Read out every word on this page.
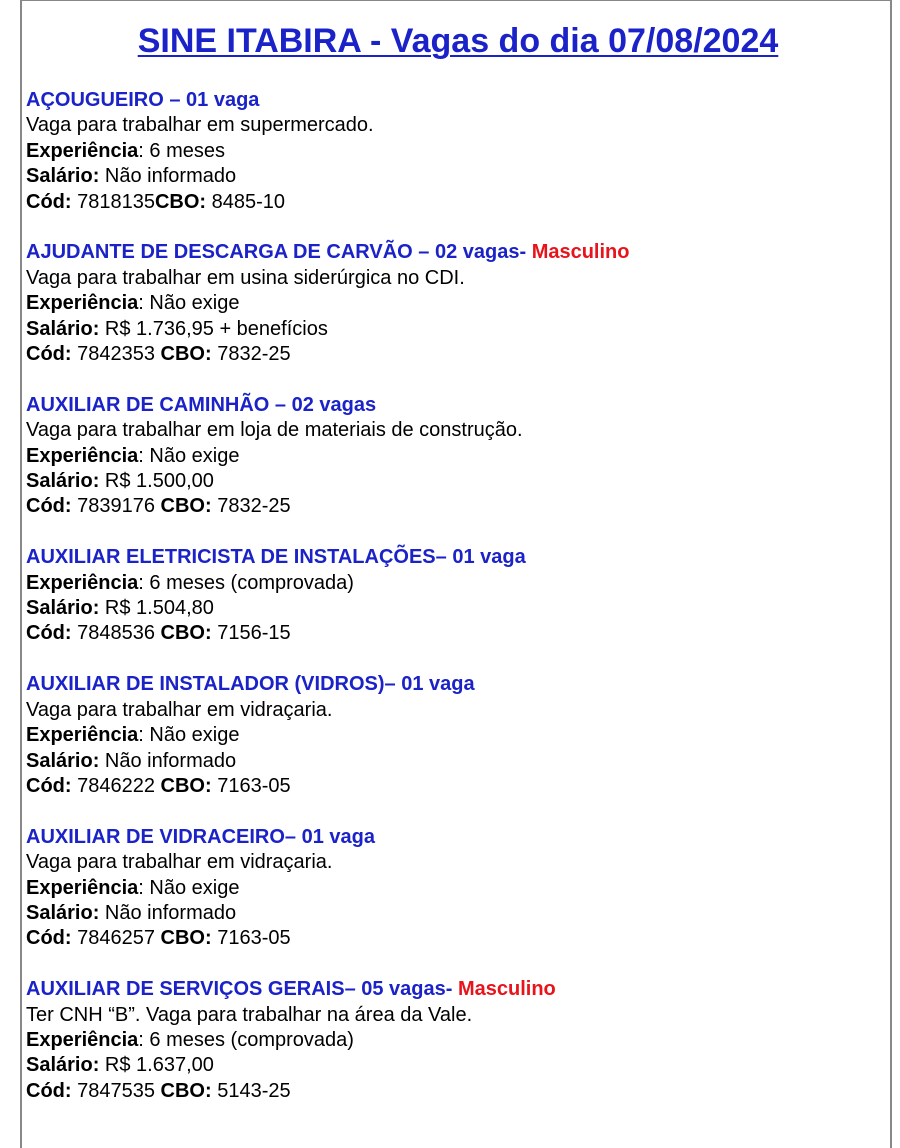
SINE ITABIRA - Vagas do dia 07/08/2024
AÇOUGUEIRO – 01 vaga
Vaga para trabalhar em supermercado.
Experiência: 6 meses
Salário: Não informado
Cód: 7818135CBO: 8485-10
AJUDANTE DE DESCARGA DE CARVÃO – 02 vagas- Masculino
Vaga para trabalhar em usina siderúrgica no CDI.
Experiência: Não exige
Salário: R$ 1.736,95 + benefícios
Cód: 7842353 CBO: 7832-25
AUXILIAR DE CAMINHÃO – 02 vagas
Vaga para trabalhar em loja de materiais de construção.
Experiência: Não exige
Salário: R$ 1.500,00
Cód: 7839176 CBO: 7832-25
AUXILIAR ELETRICISTA DE INSTALAÇÕES– 01 vaga
Experiência: 6 meses (comprovada)
Salário: R$ 1.504,80
Cód: 7848536 CBO: 7156-15
AUXILIAR DE INSTALADOR (VIDROS)– 01 vaga
Vaga para trabalhar em vidraçaria.
Experiência: Não exige
Salário: Não informado
Cód: 7846222 CBO: 7163-05
AUXILIAR DE VIDRACEIRO– 01 vaga
Vaga para trabalhar em vidraçaria.
Experiência: Não exige
Salário: Não informado
Cód: 7846257 CBO: 7163-05
AUXILIAR DE SERVIÇOS GERAIS– 05 vagas- Masculino
Ter CNH “B”. Vaga para trabalhar na área da Vale.
Experiência: 6 meses (comprovada)
Salário: R$ 1.637,00
Cód: 7847535 CBO: 5143-25
